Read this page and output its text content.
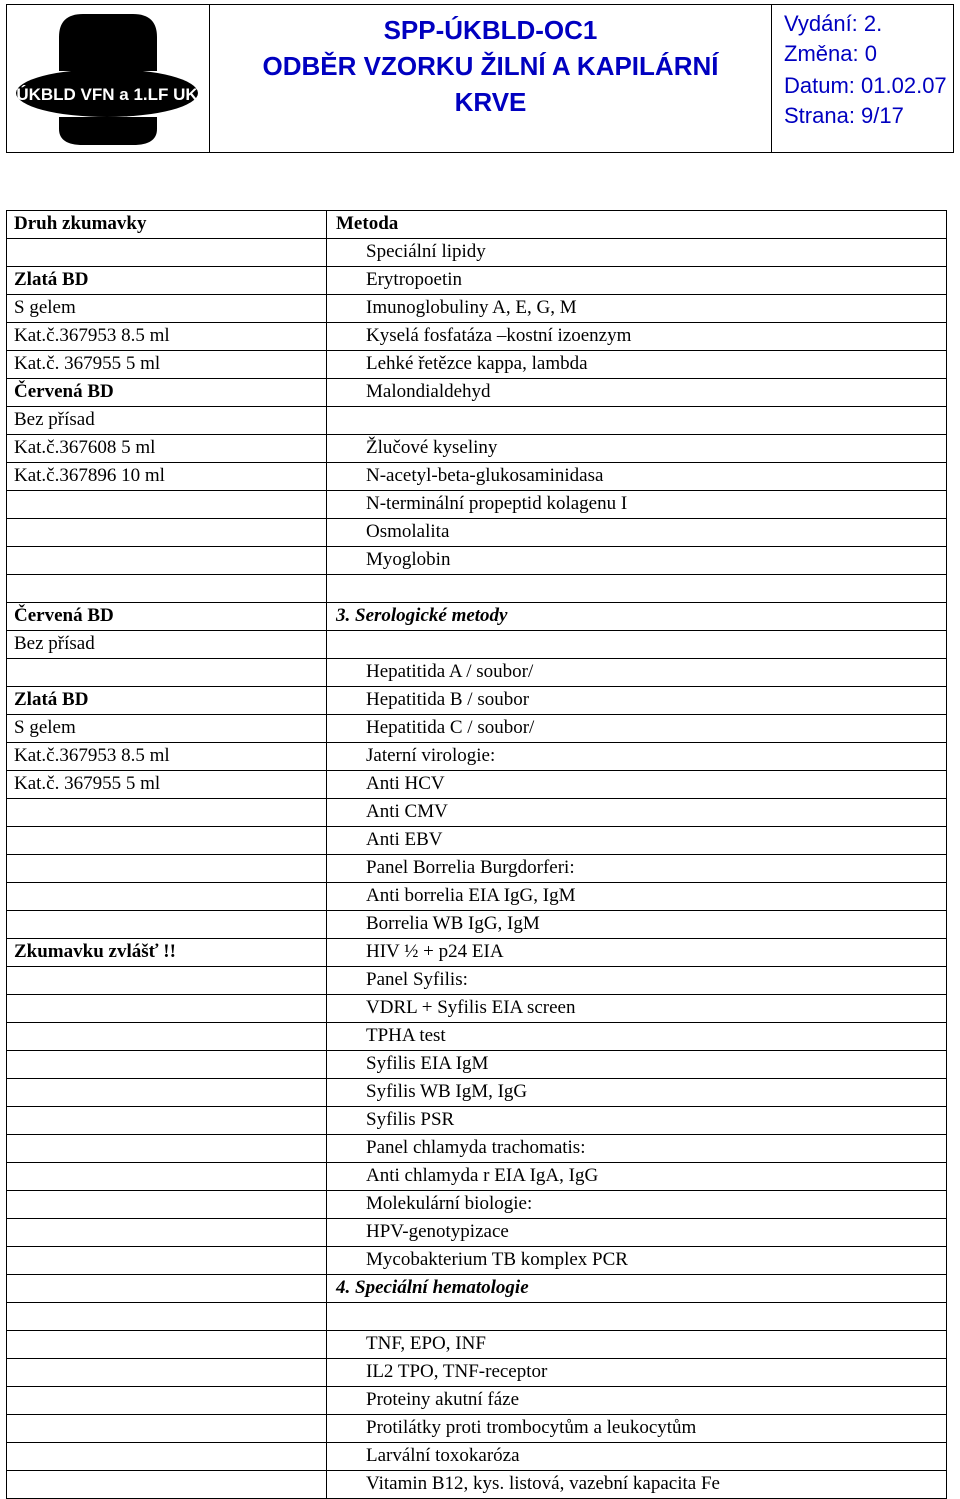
ÚKBLD VFN a 1.LF UK
SPP-ÚKBLD-OC1
ODBĚR VZORKU ŽILNÍ A KAPILÁRNÍ
KRVE
Vydání: 2.
Změna: 0
Datum: 01.02.07
Strana: 9/17
Druh zkumavky	Metoda
	Speciální lipidy
Zlatá BD	Erytropoetin
S gelem	Imunoglobuliny A, E, G, M
Kat.č.367953 8.5 ml	Kyselá fosfatáza –kostní izoenzym
Kat.č. 367955 5 ml	Lehké řetězce kappa, lambda
Červená BD	Malondialdehyd
Bez přísad	
Kat.č.367608 5 ml	Žlučové kyseliny
Kat.č.367896 10 ml	N-acetyl-beta-glukosaminidasa
	N-terminální propeptid kolagenu I
	Osmolalita
	Myoglobin

Červená BD	3. Serologické metody
Bez přísad	
	Hepatitida A / soubor/
Zlatá BD	Hepatitida B / soubor
S gelem	Hepatitida C / soubor/
Kat.č.367953 8.5 ml	Jaterní virologie:
Kat.č. 367955 5 ml	Anti HCV
	Anti CMV
	Anti EBV
	Panel Borrelia Burgdorferi:
	Anti borrelia EIA IgG, IgM
	Borrelia WB IgG, IgM
Zkumavku zvlášť !!	HIV ½ + p24 EIA
	Panel Syfilis:
	VDRL + Syfilis EIA screen
	TPHA test
	Syfilis EIA IgM
	Syfilis WB IgM, IgG
	Syfilis PSR
	Panel chlamyda trachomatis:
	Anti chlamyda r EIA IgA, IgG
	Molekulární biologie:
	HPV-genotypizace
	Mycobakterium TB komplex PCR
	4. Speciální hematologie

	TNF, EPO, INF
	IL2 TPO, TNF-receptor
	Proteiny akutní fáze
	Protilátky proti trombocytům a leukocytům
	Larvální toxokaróza
	Vitamin B12, kys. listová, vazební kapacita Fe
